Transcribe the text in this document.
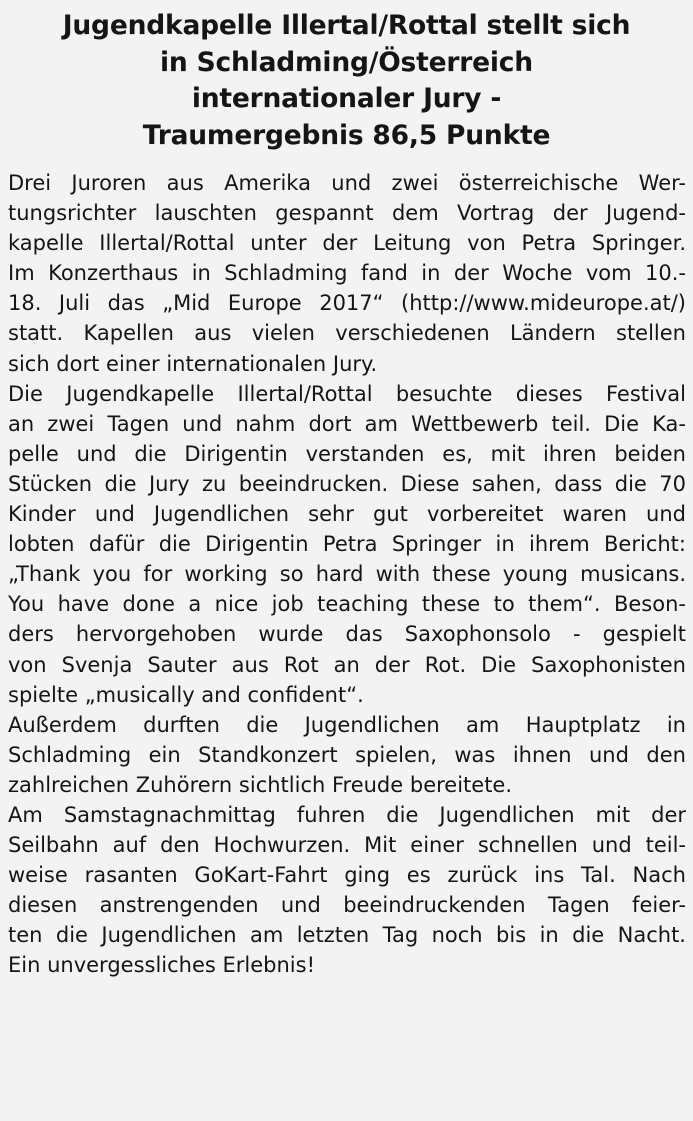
Jugendkapelle Illertal/Rottal stellt sich
in Schladming/Österreich
internationaler Jury -
Traumergebnis 86,5 Punkte
Drei Juroren aus Amerika und zwei österreichische Wer-
tungsrichter lauschten gespannt dem Vortrag der Jugend-
kapelle Illertal/Rottal unter der Leitung von Petra Springer.
Im Konzerthaus in Schladming fand in der Woche vom 10.-
18. Juli das „Mid Europe 2017“ (http://www.mideurope.at/)
statt. Kapellen aus vielen verschiedenen Ländern stellen
sich dort einer internationalen Jury.
Die Jugendkapelle Illertal/Rottal besuchte dieses Festival
an zwei Tagen und nahm dort am Wettbewerb teil. Die Ka-
pelle und die Dirigentin verstanden es, mit ihren beiden
Stücken die Jury zu beeindrucken. Diese sahen, dass die 70
Kinder und Jugendlichen sehr gut vorbereitet waren und
lobten dafür die Dirigentin Petra Springer in ihrem Bericht:
„Thank you for working so hard with these young musicans.
You have done a nice job teaching these to them“. Beson-
ders hervorgehoben wurde das Saxophonsolo - gespielt
von Svenja Sauter aus Rot an der Rot. Die Saxophonisten
spielte „musically and confident“.
Außerdem durften die Jugendlichen am Hauptplatz in
Schladming ein Standkonzert spielen, was ihnen und den
zahlreichen Zuhörern sichtlich Freude bereitete.
Am Samstagnachmittag fuhren die Jugendlichen mit der
Seilbahn auf den Hochwurzen. Mit einer schnellen und teil-
weise rasanten GoKart-Fahrt ging es zurück ins Tal. Nach
diesen anstrengenden und beeindruckenden Tagen feier-
ten die Jugendlichen am letzten Tag noch bis in die Nacht.
Ein unvergessliches Erlebnis!
